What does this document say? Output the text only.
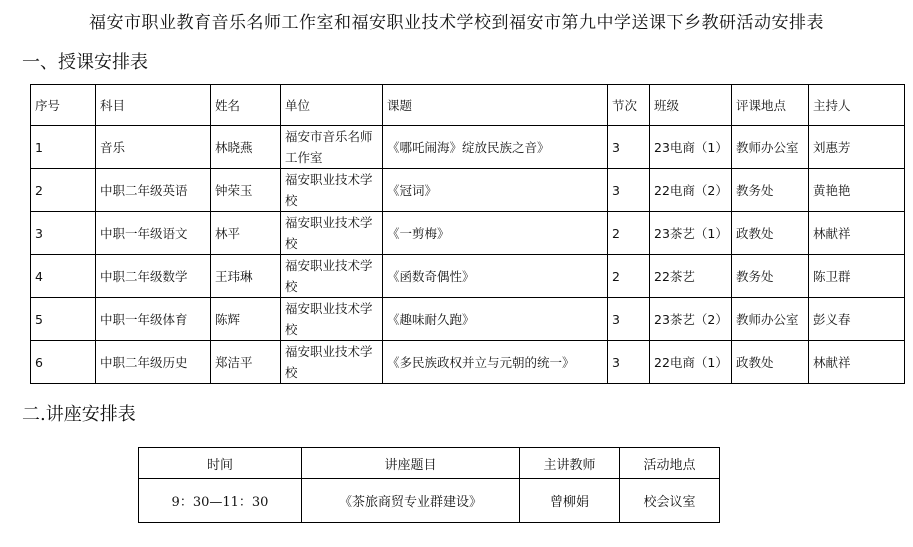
福安市职业教育音乐名师工作室和福安职业技术学校到福安市第九中学送课下乡教研活动安排表
一、授课安排表
序号	科目	姓名	单位	课题	节次	班级	评课地点	主持人
1	音乐	林晓燕	福安市音乐名师工作室	《哪吒闹海》绽放民族之音》	3	23电商（1）	教师办公室	刘惠芳
2	中职二年级英语	钟荣玉	福安职业技术学校	《冠词》	3	22电商（2）	教务处	黄艳艳
3	中职一年级语文	林平	福安职业技术学校	《一剪梅》	2	23茶艺（1）	政教处	林献祥
4	中职二年级数学	王玮琳	福安职业技术学校	《函数奇偶性》	2	22茶艺	教务处	陈卫群
5	中职一年级体育	陈辉	福安职业技术学校	《趣味耐久跑》	3	23茶艺（2）	教师办公室	彭义春
6	中职二年级历史	郑洁平	福安职业技术学校	《多民族政权并立与元朝的统一》	3	22电商（1）	政教处	林献祥
二.讲座安排表
时间	讲座题目	主讲教师	活动地点
9：30—11：30	《茶旅商贸专业群建设》	曾柳娟	校会议室
